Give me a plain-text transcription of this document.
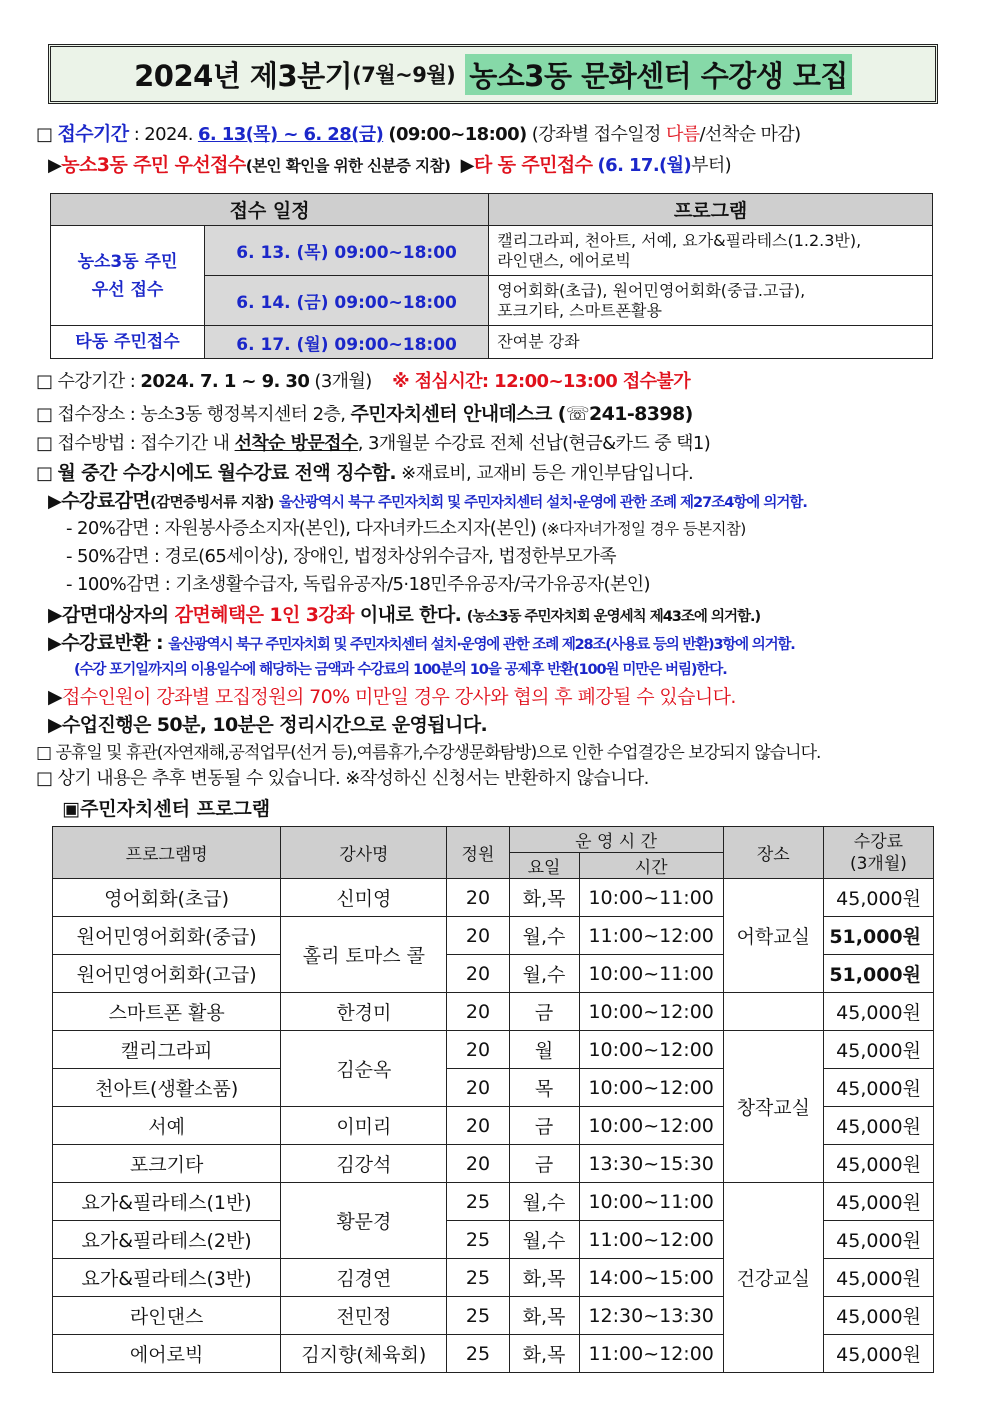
2024년 제3분기 (7월~9월) 농소3동 문화센터 수강생 모집
□ 접수기간 : 2024. 6. 13(목) ~ 6. 28(금) (09:00~18:00) (강좌별 접수일정 다름/선착순 마감)
▶농소3동 주민 우선접수(본인 확인을 위한 신분증 지참) ▶타 동 주민접수 (6. 17.(월)부터)
접수 일정		프로그램
농소3동 주민
우선 접수	6. 13. (목) 09:00~18:00	캘리그라피, 천아트, 서예, 요가&필라테스(1.2.3반),
라인댄스, 에어로빅
	6. 14. (금) 09:00~18:00	영어회화(초급), 원어민영어회화(중급.고급),
포크기타, 스마트폰활용
타동 주민접수	6. 17. (월) 09:00~18:00	잔여분 강좌
□ 수강기간 : 2024. 7. 1 ~ 9. 30 (3개월) ※ 점심시간: 12:00~13:00 접수불가
□ 접수장소 : 농소3동 행정복지센터 2층, 주민자치센터 안내데스크 (☏241-8398)
□ 접수방법 : 접수기간 내 선착순 방문접수, 3개월분 수강료 전체 선납(현금&카드 중 택1)
□ 월 중간 수강시에도 월수강료 전액 징수함. ※재료비, 교재비 등은 개인부담입니다.
▶수강료감면(감면증빙서류 지참) 울산광역시 북구 주민자치회 및 주민자치센터 설치·운영에 관한 조례 제27조4항에 의거함.
- 20%감면 : 자원봉사증소지자(본인), 다자녀카드소지자(본인) (※다자녀가정일 경우 등본지참)
- 50%감면 : 경로(65세이상), 장애인, 법정차상위수급자, 법정한부모가족
- 100%감면 : 기초생활수급자, 독립유공자/5·18민주유공자/국가유공자(본인)
▶감면대상자의 감면혜택은 1인 3강좌 이내로 한다. (농소3동 주민자치회 운영세칙 제43조에 의거함.)
▶수강료반환 : 울산광역시 북구 주민자치회 및 주민자치센터 설치·운영에 관한 조례 제28조(사용료 등의 반환)3항에 의거함.
(수강 포기일까지의 이용일수에 해당하는 금액과 수강료의 100분의 10을 공제후 반환(100원 미만은 버림)한다.
▶접수인원이 강좌별 모집정원의 70% 미만일 경우 강사와 협의 후 폐강될 수 있습니다.
▶수업진행은 50분, 10분은 정리시간으로 운영됩니다.
□ 공휴일 및 휴관(자연재해,공적업무(선거 등),여름휴가,수강생문화탐방)으로 인한 수업결강은 보강되지 않습니다.
□ 상기 내용은 추후 변동될 수 있습니다. ※작성하신 신청서는 반환하지 않습니다.
▣주민자치센터 프로그램
프로그램명	강사명	정원	운 영 시 간		장소	수강료
(3개월)
			요일	시간		
영어회화(초급)	신미영	20	화,목	10:00~11:00	어학교실	45,000원
원어민영어회화(중급)	홀리 토마스 콜	20	월,수	11:00~12:00		51,000원
원어민영어회화(고급)		20	월,수	10:00~11:00		51,000원
스마트폰 활용	한경미	20	금	10:00~12:00		45,000원
캘리그라피	김순옥	20	월	10:00~12:00	창작교실	45,000원
천아트(생활소품)		20	목	10:00~12:00		45,000원
서예	이미리	20	금	10:00~12:00		45,000원
포크기타	김강석	20	금	13:30~15:30		45,000원
요가&필라테스(1반)	황문경	25	월,수	10:00~11:00	건강교실	45,000원
요가&필라테스(2반)		25	월,수	11:00~12:00		45,000원
요가&필라테스(3반)	김경연	25	화,목	14:00~15:00		45,000원
라인댄스	전민정	25	화,목	12:30~13:30		45,000원
에어로빅	김지향(체육회)	25	화,목	11:00~12:00		45,000원
